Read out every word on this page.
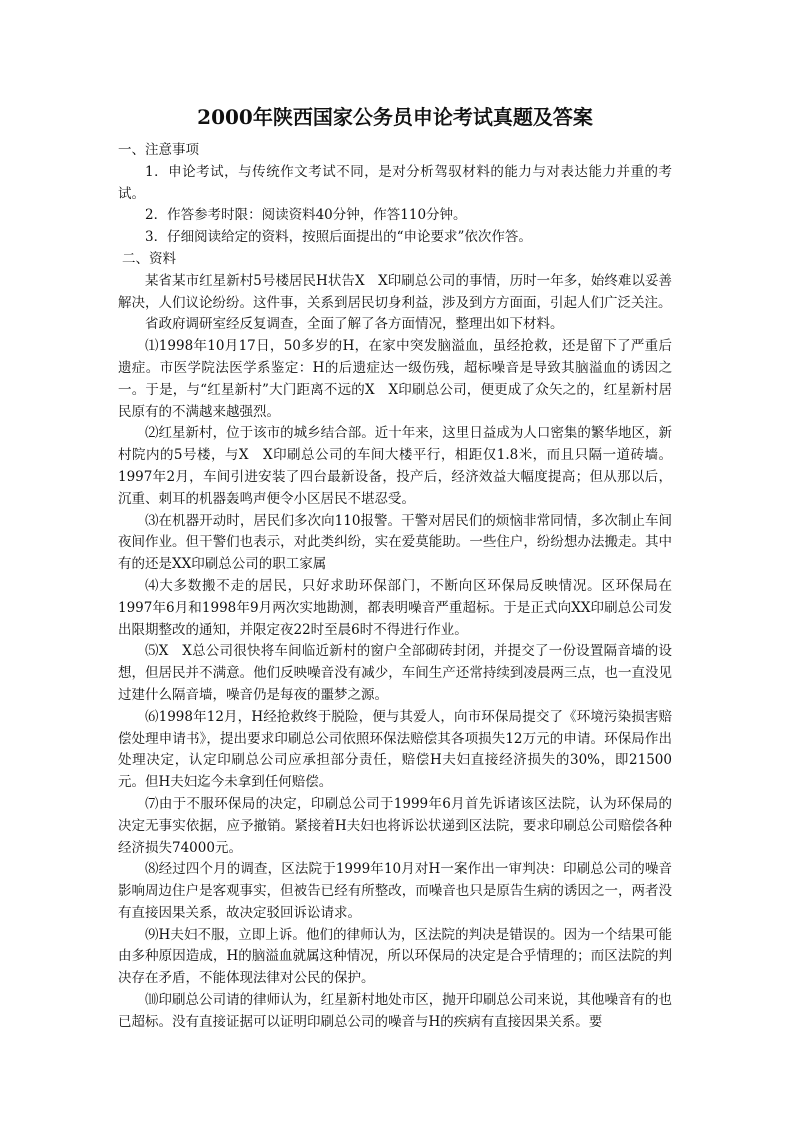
2000年陕西国家公务员申论考试真题及答案
一、注意事项

1．申论考试，与传统作文考试不同，是对分析驾驭材料的能力与对表达能力并重的考试。

2．作答参考时限：阅读资料40分钟，作答110分钟。

3．仔细阅读给定的资料，按照后面提出的“申论要求”依次作答。

二、资料

某省某市红星新村5号楼居民H状告X　X印刷总公司的事情，历时一年多，始终难以妥善解决，人们议论纷纷。这件事，关系到居民切身利益，涉及到方方面面，引起人们广泛关注。

省政府调研室经反复调查，全面了解了各方面情况，整理出如下材料。

⑴1998年10月17日，50多岁的H，在家中突发脑溢血，虽经抢救，还是留下了严重后遗症。市医学院法医学系鉴定：H的后遗症达一级伤残，超标噪音是导致其脑溢血的诱因之一。于是，与“红星新村”大门距离不远的X　X印刷总公司，便更成了众矢之的，红星新村居民原有的不满越来越强烈。

⑵红星新村，位于该市的城乡结合部。近十年来，这里日益成为人口密集的繁华地区，新村院内的5号楼，与X　X印刷总公司的车间大楼平行，相距仅1.8米，而且只隔一道砖墙。1997年2月，车间引进安装了四台最新设备，投产后，经济效益大幅度提高；但从那以后，沉重、刺耳的机器轰鸣声便令小区居民不堪忍受。

⑶在机器开动时，居民们多次向110报警。干警对居民们的烦恼非常同情，多次制止车间夜间作业。但干警们也表示，对此类纠纷，实在爱莫能助。一些住户，纷纷想办法搬走。其中有的还是XX印刷总公司的职工家属

⑷大多数搬不走的居民，只好求助环保部门，不断向区环保局反映情况。区环保局在1997年6月和1998年9月两次实地勘测，都表明噪音严重超标。于是正式向XX印刷总公司发出限期整改的通知，并限定夜22时至晨6时不得进行作业。

⑸X　X总公司很快将车间临近新村的窗户全部砌砖封闭，并提交了一份设置隔音墙的设想，但居民并不满意。他们反映噪音没有减少，车间生产还常持续到凌晨两三点，也一直没见过建什么隔音墙，噪音仍是每夜的噩梦之源。

⑹1998年12月，H经抢救终于脱险，便与其爱人，向市环保局提交了《环境污染损害赔偿处理申请书》，提出要求印刷总公司依照环保法赔偿其各项损失12万元的申请。环保局作出处理决定，认定印刷总公司应承担部分责任，赔偿H夫妇直接经济损失的30%，即21500元。但H夫妇迄今未拿到任何赔偿。

⑺由于不服环保局的决定，印刷总公司于1999年6月首先诉诸该区法院，认为环保局的决定无事实依据，应予撤销。紧接着H夫妇也将诉讼状递到区法院，要求印刷总公司赔偿各种经济损失74000元。

⑻经过四个月的调查，区法院于1999年10月对H一案作出一审判决：印刷总公司的噪音影响周边住户是客观事实，但被告已经有所整改，而噪音也只是原告生病的诱因之一，两者没有直接因果关系，故决定驳回诉讼请求。

⑼H夫妇不服，立即上诉。他们的律师认为，区法院的判决是错误的。因为一个结果可能由多种原因造成，H的脑溢血就属这种情况，所以环保局的决定是合乎情理的；而区法院的判决存在矛盾，不能体现法律对公民的保护。

⑽印刷总公司请的律师认为，红星新村地处市区，抛开印刷总公司来说，其他噪音有的也已超标。没有直接证据可以证明印刷总公司的噪音与H的疾病有直接因果关系。要
